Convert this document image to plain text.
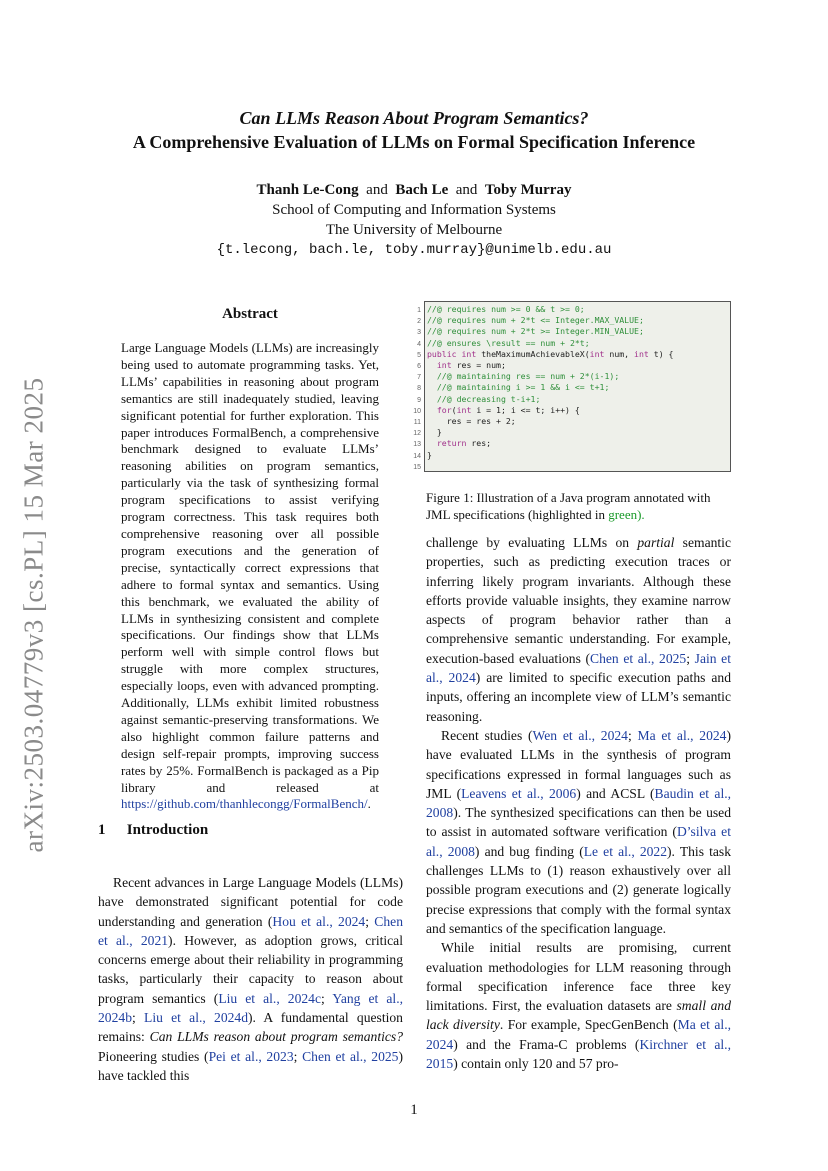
Can LLMs Reason About Program Semantics?
A Comprehensive Evaluation of LLMs on Formal Specification Inference
Thanh Le-Cong and Bach Le and Toby Murray
School of Computing and Information Systems
The University of Melbourne
{t.lecong, bach.le, toby.murray}@unimelb.edu.au
arXiv:2503.04779v3 [cs.PL] 15 Mar 2025
Abstract
Large Language Models (LLMs) are increasingly being used to automate programming tasks. Yet, LLMs’ capabilities in reasoning about program semantics are still inadequately studied, leaving significant potential for further exploration. This paper introduces FormalBench, a comprehensive benchmark designed to evaluate LLMs’ reasoning abilities on program semantics, particularly via the task of synthesizing formal program specifications to assist verifying program correctness. This task requires both comprehensive reasoning over all possible program executions and the generation of precise, syntactically correct expressions that adhere to formal syntax and semantics. Using this benchmark, we evaluated the ability of LLMs in synthesizing consistent and complete specifications. Our findings show that LLMs perform well with simple control flows but struggle with more complex structures, especially loops, even with advanced prompting. Additionally, LLMs exhibit limited robustness against semantic-preserving transformations. We also highlight common failure patterns and design self-repair prompts, improving success rates by 25%. FormalBench is packaged as a Pip library and released at https://github.com/thanhlecongg/FormalBench/.
1 Introduction

Recent advances in Large Language Models (LLMs) have demonstrated significant potential for code understanding and generation (Hou et al., 2024; Chen et al., 2021). However, as adoption grows, critical concerns emerge about their reliability in programming tasks, particularly their capacity to reason about program semantics (Liu et al., 2024c; Yang et al., 2024b; Liu et al., 2024d). A fundamental question remains: Can LLMs reason about program semantics? Pioneering studies (Pei et al., 2023; Chen et al., 2025) have tackled this

1
2
3
4
5
6
7
8
9
10
11
12
13
14
15
//@ requires num >= 0 && t >= 0;
//@ requires num + 2*t <= Integer.MAX_VALUE;
//@ requires num + 2*t >= Integer.MIN_VALUE;
//@ ensures \result == num + 2*t;
public int theMaximumAchievableX(int num, int t) {
int res = num;
//@ maintaining res == num + 2*(i-1);
//@ maintaining i >= 1 && i <= t+1;
//@ decreasing t-i+1;
for(int i = 1; i <= t; i++) {
res = res + 2;
}
return res;
}

Figure 1: Illustration of a Java program annotated with JML specifications (highlighted in green).

challenge by evaluating LLMs on partial semantic properties, such as predicting execution traces or inferring likely program invariants. Although these efforts provide valuable insights, they examine narrow aspects of program behavior rather than a comprehensive semantic understanding. For example, execution-based evaluations (Chen et al., 2025; Jain et al., 2024) are limited to specific execution paths and inputs, offering an incomplete view of LLM’s semantic reasoning.

Recent studies (Wen et al., 2024; Ma et al., 2024) have evaluated LLMs in the synthesis of program specifications expressed in formal languages such as JML (Leavens et al., 2006) and ACSL (Baudin et al., 2008). The synthesized specifications can then be used to assist in automated software verification (D’silva et al., 2008) and bug finding (Le et al., 2022). This task challenges LLMs to (1) reason exhaustively over all possible program executions and (2) generate logically precise expressions that comply with the formal syntax and semantics of the specification language.

While initial results are promising, current evaluation methodologies for LLM reasoning through formal specification inference face three key limitations. First, the evaluation datasets are small and lack diversity. For example, SpecGenBench (Ma et al., 2024) and the Frama-C problems (Kirchner et al., 2015) contain only 120 and 57 pro-

1
